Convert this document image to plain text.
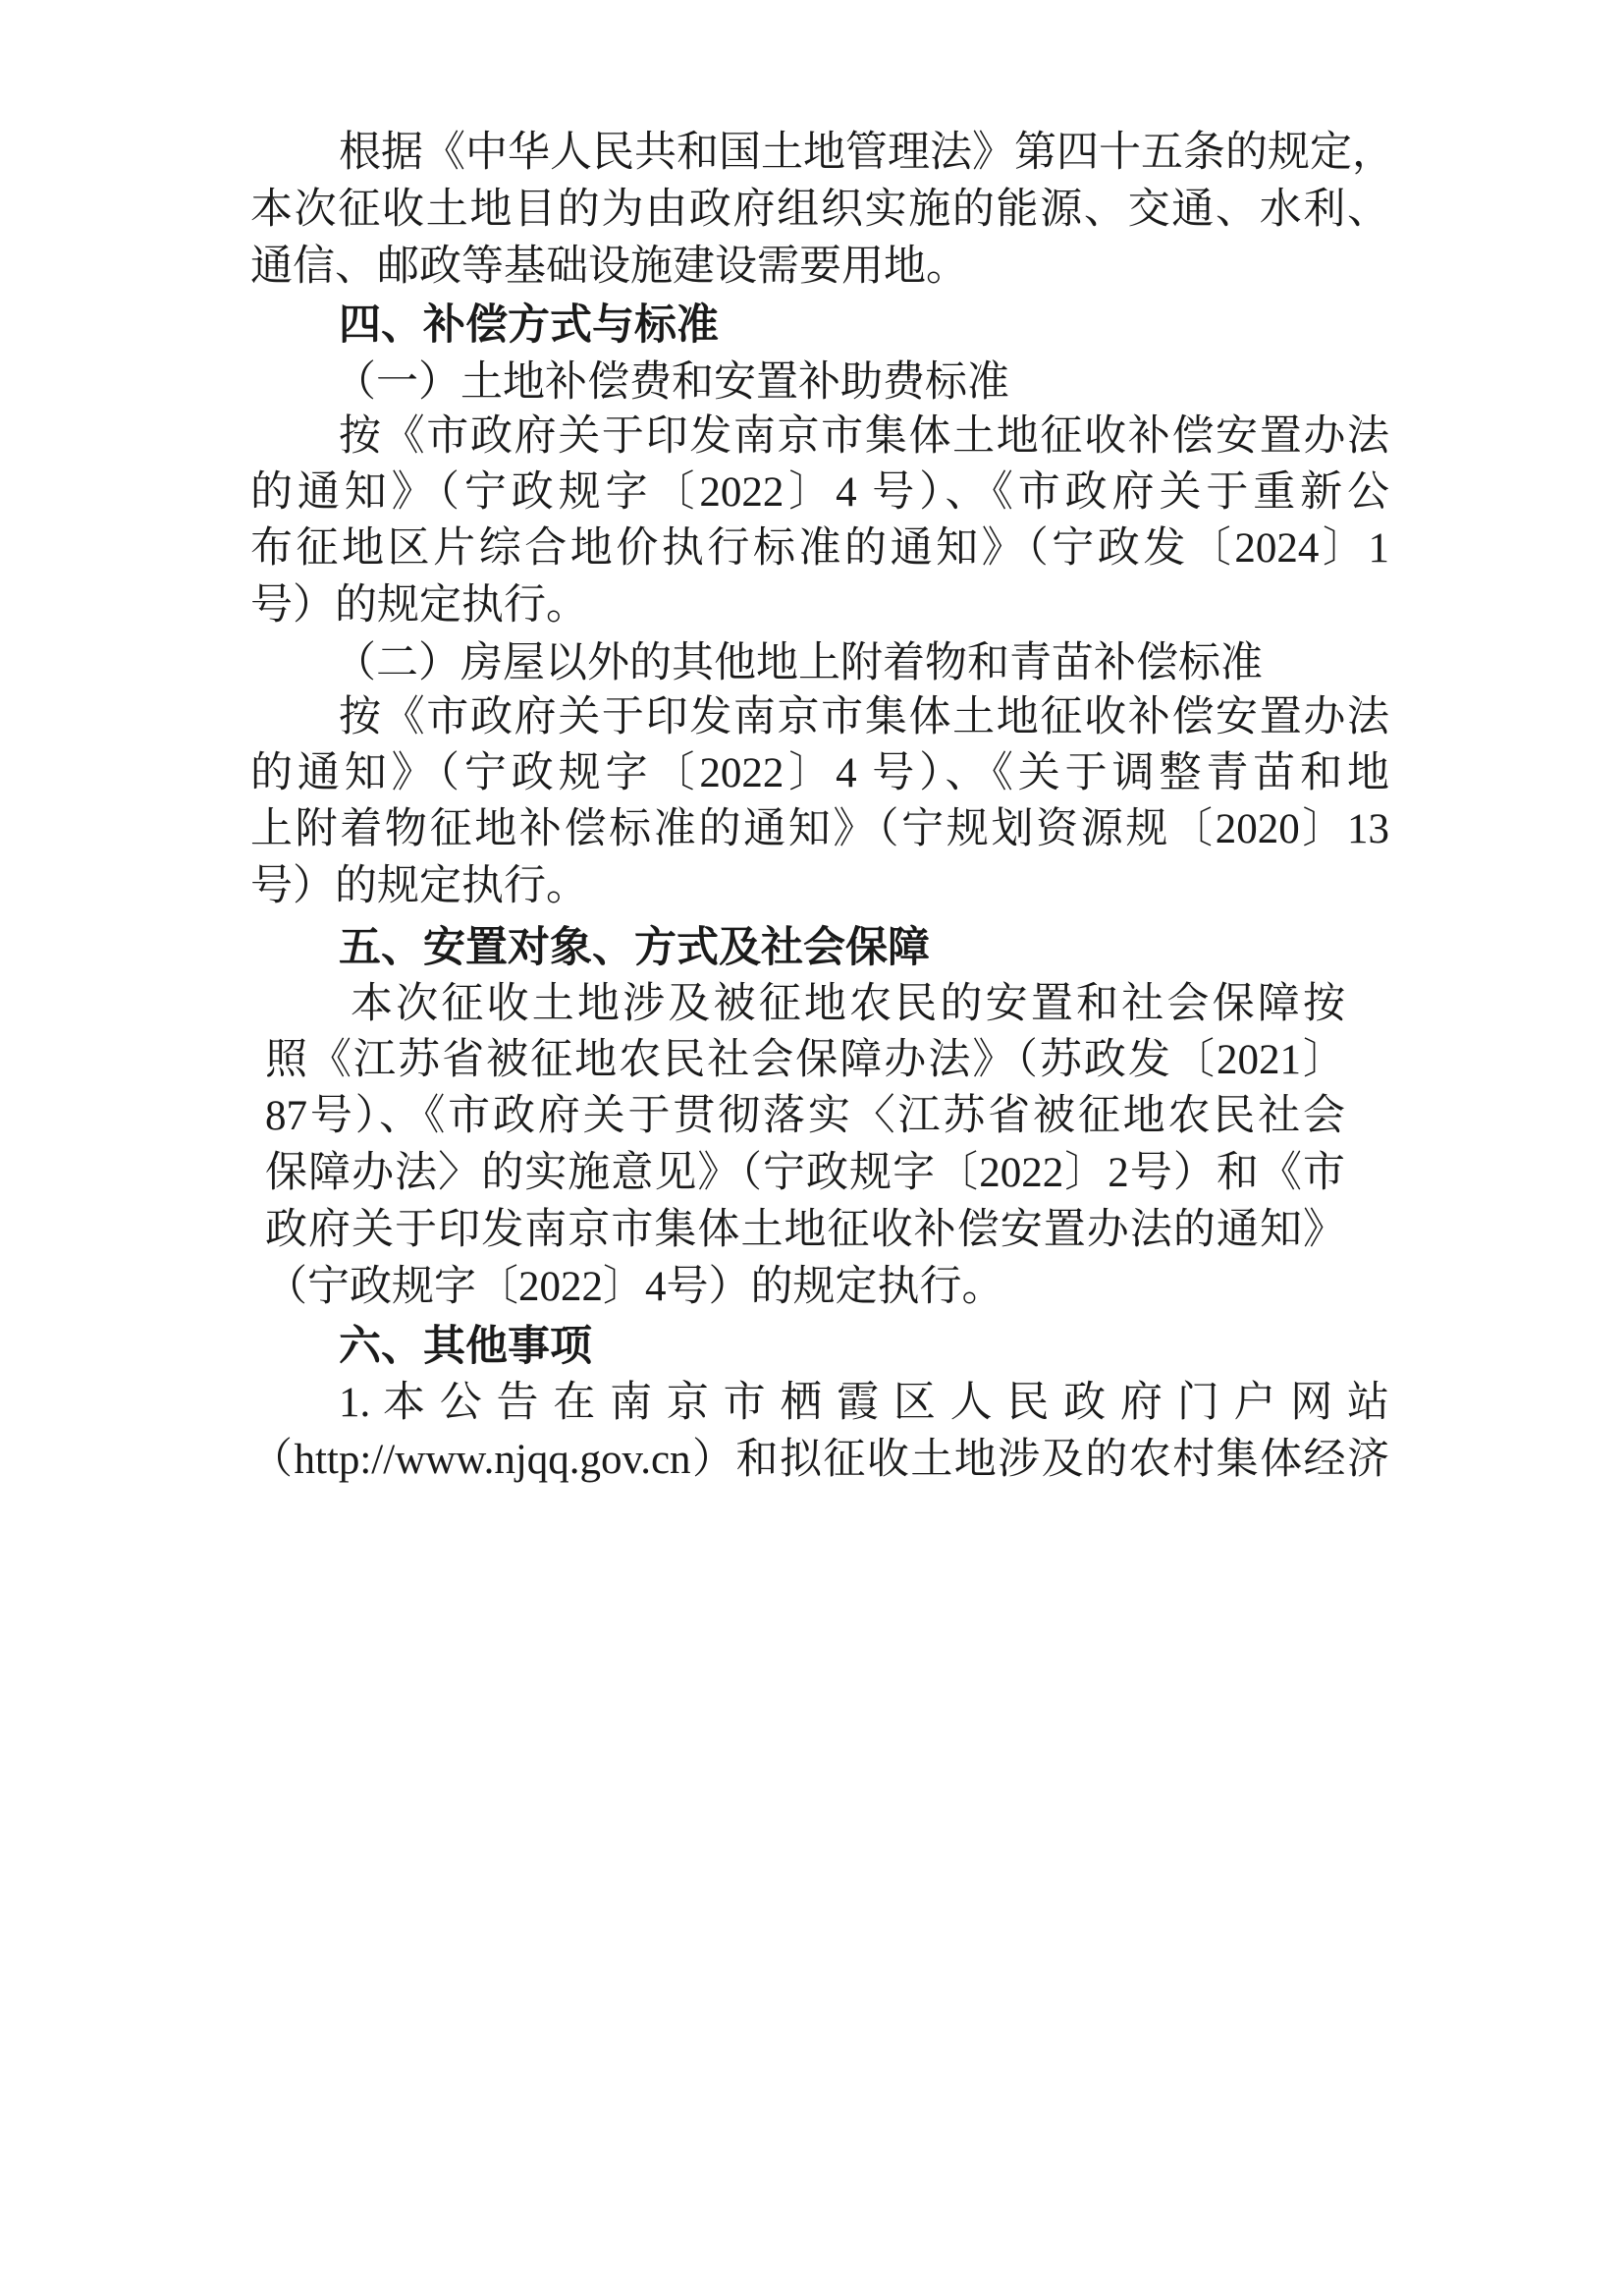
根据《中华人民共和国土地管理法》第四十五条的规定，
本次征收土地目的为由政府组织实施的能源、交通、水利、
通信、邮政等基础设施建设需要用地。
四、补偿方式与标准
（一）土地补偿费和安置补助费标准
按《市政府关于印发南京市集体土地征收补偿安置办法
的通知》（宁政规字〔2022〕4 号）、《市政府关于重新公
布征地区片综合地价执行标准的通知》（宁政发〔2024〕1
号）的规定执行。
（二）房屋以外的其他地上附着物和青苗补偿标准
按《市政府关于印发南京市集体土地征收补偿安置办法
的通知》（宁政规字〔2022〕4 号）、《关于调整青苗和地
上附着物征地补偿标准的通知》（宁规划资源规〔2020〕13
号）的规定执行。
五、安置对象、方式及社会保障
本次征收土地涉及被征地农民的安置和社会保障按
照《江苏省被征地农民社会保障办法》（苏政发〔2021〕
87号）、《市政府关于贯彻落实〈江苏省被征地农民社会
保障办法〉的实施意见》（宁政规字〔2022〕2号）和《市
政府关于印发南京市集体土地征收补偿安置办法的通知》
（宁政规字〔2022〕4号）的规定执行。
六、其他事项
1. 本 公 告 在 南 京 市 栖 霞 区 人 民 政 府 门 户 网 站
（http://www.njqq.gov.cn）和拟征收土地涉及的农村集体经济
